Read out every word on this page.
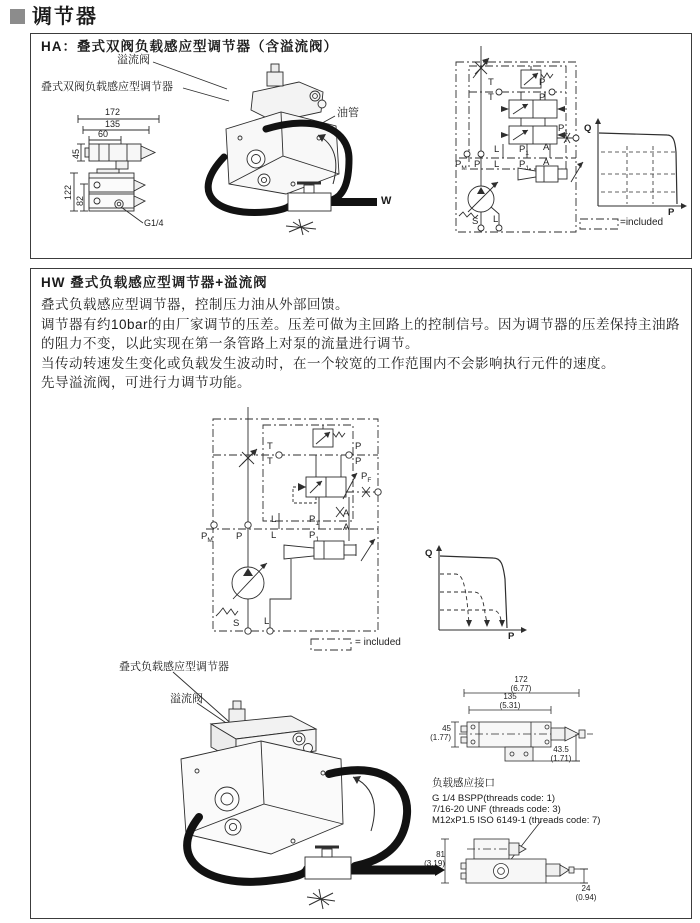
调节器
HA：叠式双阀负载感应型调节器（含溢流阀）
溢流阀
叠式双阀负载感应型调节器
油管
W
172
135
60
45
122
82
G1/4
T
T
P
P
$P_1$
L
L
$P_1$
$P_1$
A
A
$P_M$ P
S L
Q
P
=included
HW 叠式负载感应型调节器+溢流阀

叠式负载感应型调节器，控制压力油从外部回馈。

调节器有约10bar的由厂家调节的压差。压差可做为主回路上的控制信号。因为调节器的压差保持主油路的阻力不变，以此实现在第一条管路上对泵的流量进行调节。

当传动转速发生变化或负载发生波动时，在一个较宽的工作范围内不会影响执行元件的速度。

先导溢流阀，可进行力调节功能。

T
T
P
P
$P_F$
L
L
$P_1$
$P_1$
A
A
$P_M$ P
S	L
= included
Q
P
叠式负载感应型调节器
溢流阀
172
(6.77)
135
(5.31)
45
(1.77)
43.5
(1.71)
负载感应接口
G 1/4 BSPP(threads code: 1)
7/16-20 UNF (threads code: 3)
M12xP1.5 ISO 6149-1 (threads code: 7)
81
(3.19)
24
(0.94)
